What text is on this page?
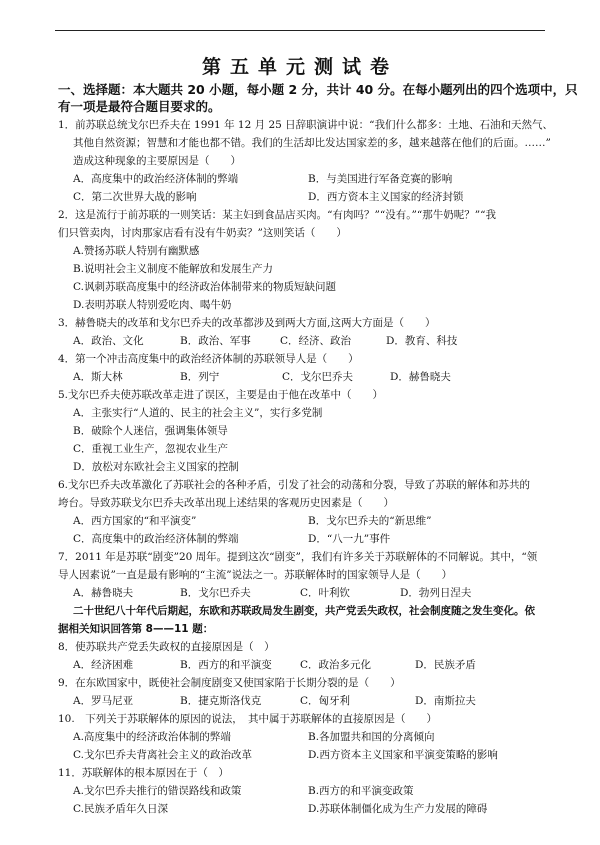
第五单元测试卷
一、选择题：本大题共 20 小题，每小题 2 分，共计 40 分。在每小题列出的四个选项中，只
有一项是最符合题目要求的。
1．前苏联总统戈尔巴乔夫在 1991 年 12 月 25 日辞职演讲中说：“我们什么都多：土地、石油和天然气、
其他自然资源；智慧和才能也都不错。我们的生活却比发达国家差的多，越来越落在他们的后面。……”
造成这种现象的主要原因是（　　）
A．高度集中的政治经济体制的弊端	B．与美国进行军备竞赛的影响
C．第二次世界大战的影响	D．西方资本主义国家的经济封锁
2．这是流行于前苏联的一则笑话：某主妇到食品店买肉。“有肉吗？”“没有。”“那牛奶呢？”“我
们只管卖肉，讨肉那家店看有没有牛奶卖？”这则笑话（　　）
A.赞扬苏联人特别有幽默感
B.说明社会主义制度不能解放和发展生产力
C.讽刺苏联高度集中的经济政治体制带来的物质短缺问题
D.表明苏联人特别爱吃肉、喝牛奶
3．赫鲁晓夫的改革和戈尔巴乔夫的改革都涉及到两大方面,这两大方面是（　　）
A．政治、文化	B．政治、军事	C．经济、政治	D．教育、科技
4．第一个冲击高度集中的政治经济体制的苏联领导人是（　　）
A．斯大林	B．列宁	C．戈尔巴乔夫	D．赫鲁晓夫
5.戈尔巴乔夫使苏联改革走进了误区，主要是由于他在改革中（　　）
A．主张实行“人道的、民主的社会主义”，实行多党制
B．破除个人迷信，强调集体领导
C．重视工业生产，忽视农业生产
D．放松对东欧社会主义国家的控制
6.戈尔巴乔夫改革激化了苏联社会的各种矛盾，引发了社会的动荡和分裂，导致了苏联的解体和苏共的
垮台。导致苏联戈尔巴乔夫改革出现上述结果的客观历史因素是（　　）
A．西方国家的“和平演变”	B．戈尔巴乔夫的“新思维”
C．高度集中的政治经济体制的弊端	D．“八一九”事件
7．2011 年是苏联“剧变”20 周年。提到这次“剧变”，我们有许多关于苏联解体的不同解说。其中，“领
导人因素说”一直是最有影响的“主流”说法之一。苏联解体时的国家领导人是（　　）
A．赫鲁晓夫	B．戈尔巴乔夫	C．叶利钦	D．勃列日涅夫
二十世纪八十年代后期起，东欧和苏联政局发生剧变，共产党丢失政权，社会制度随之发生变化。依
据相关知识回答第 8——11 题：
8．使苏联共产党丢失政权的直接原因是（　）
A．经济困难	B．西方的和平演变	C．政治多元化	D．民族矛盾
9．在东欧国家中，既使社会制度剧变又使国家陷于长期分裂的是（　　）
A．罗马尼亚	B．捷克斯洛伐克	C．匈牙利	D．南斯拉夫
10.　下列关于苏联解体的原因的说法，　其中属于苏联解体的直接原因是（　　）
A.高度集中的经济政治体制的弊端	B.各加盟共和国的分离倾向
C.戈尔巴乔夫背离社会主义的政治改革	D.西方资本主义国家和平演变策略的影响
11．苏联解体的根本原因在于（　）
A.戈尔巴乔夫推行的错误路线和政策	B.西方的和平演变政策
C.民族矛盾年久日深	D.苏联体制僵化成为生产力发展的障碍
